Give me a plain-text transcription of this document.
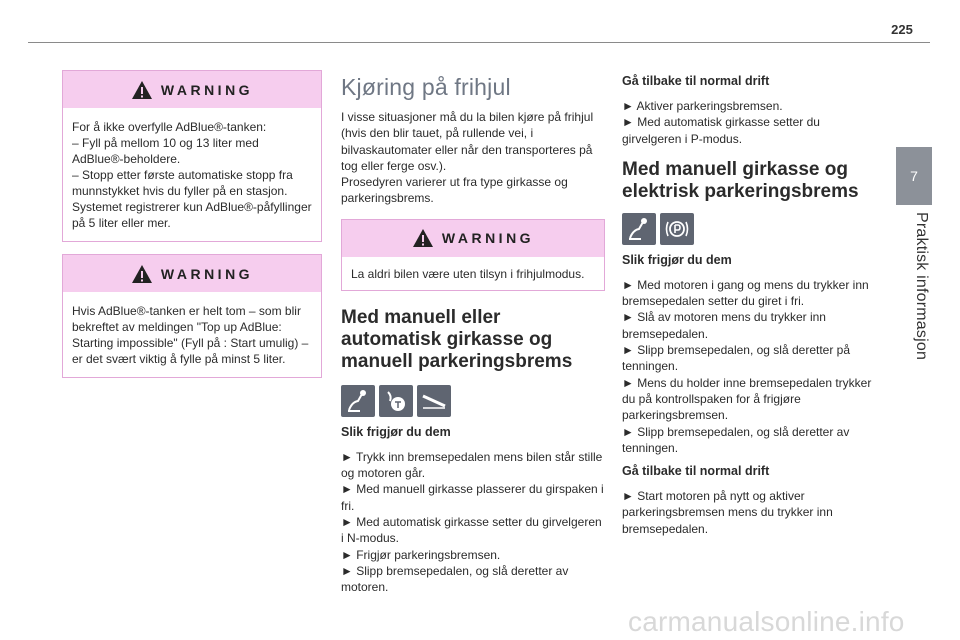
225
7
Praktisk informasjon
WARNING

For å ikke overfylle AdBlue®-tanken:

– Fyll på mellom 10 og 13 liter med AdBlue®-beholdere.

– Stopp etter første automatiske stopp fra munnstykket hvis du fyller på en stasjon. Systemet registrerer kun AdBlue®-påfyllinger på 5 liter eller mer.

WARNING

Hvis AdBlue®-tanken er helt tom – som blir bekreftet av meldingen "Top up AdBlue: Starting impossible" (Fyll på : Start umulig) – er det svært viktig å fylle på minst 5 liter.

Kjøring på frihjul

I visse situasjoner må du la bilen kjøre på frihjul (hvis den blir tauet, på rullende vei, i bilvaskautomater eller når den transporteres på tog eller ferge osv.).

Prosedyren varierer ut fra type girkasse og parkeringsbrems.

WARNING

La aldri bilen være uten tilsyn i frihjulmodus.

Med manuell eller automatisk girkasse og manuell parkeringsbrems
Slik frigjør du dem

► Trykk inn bremsepedalen mens bilen står stille og motoren går.

► Med manuell girkasse plasserer du girspaken i fri.

► Med automatisk girkasse setter du girvelgeren i N-modus.

► Frigjør parkeringsbremsen.

► Slipp bremsepedalen, og slå deretter av motoren.

Gå tilbake til normal drift

► Aktiver parkeringsbremsen.

► Med automatisk girkasse setter du girvelgeren i P-modus.

Med manuell girkasse og elektrisk parkeringsbrems
Slik frigjør du dem

► Med motoren i gang og mens du trykker inn bremsepedalen setter du giret i fri.

► Slå av motoren mens du trykker inn bremsepedalen.

► Slipp bremsepedalen, og slå deretter på tenningen.

► Mens du holder inne bremsepedalen trykker du på kontrollspaken for å frigjøre parkeringsbremsen.

► Slipp bremsepedalen, og slå deretter av tenningen.

Gå tilbake til normal drift

► Start motoren på nytt og aktiver parkeringsbremsen mens du trykker inn bremsepedalen.

carmanualsonline.info
